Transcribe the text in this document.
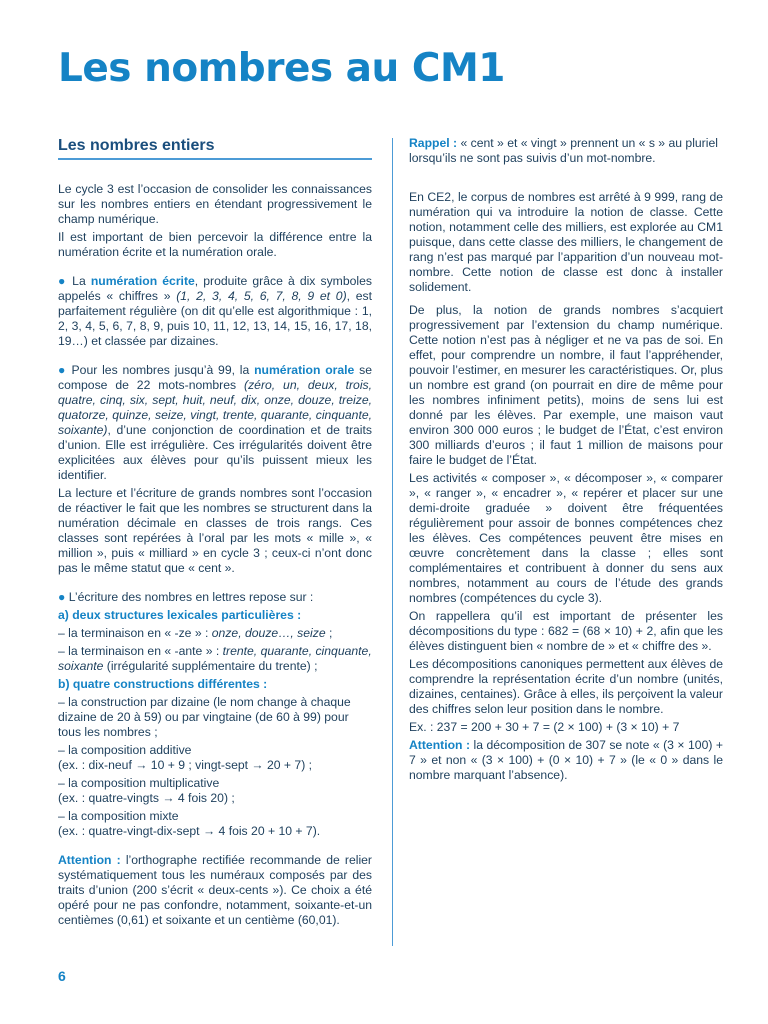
Les nombres au CM1
Les nombres entiers

Le cycle 3 est l’occasion de consolider les connaissances sur les nombres entiers en étendant progressivement le champ numérique.

Il est important de bien percevoir la différence entre la numération écrite et la numération orale.

● La numération écrite, produite grâce à dix symboles appelés « chiffres » (1, 2, 3, 4, 5, 6, 7, 8, 9 et 0), est parfaitement régulière (on dit qu’elle est algorithmique : 1, 2, 3, 4, 5, 6, 7, 8, 9, puis 10, 11, 12, 13, 14, 15, 16, 17, 18, 19…) et classée par dizaines.

● Pour les nombres jusqu’à 99, la numération orale se compose de 22 mots-nombres (zéro, un, deux, trois, quatre, cinq, six, sept, huit, neuf, dix, onze, douze, treize, quatorze, quinze, seize, vingt, trente, quarante, cinquante, soixante), d’une conjonction de coordination et de traits d’union. Elle est irrégulière. Ces irrégularités doivent être explicitées aux élèves pour qu’ils puissent mieux les identifier.

La lecture et l’écriture de grands nombres sont l’occasion de réactiver le fait que les nombres se structurent dans la numération décimale en classes de trois rangs. Ces classes sont repérées à l’oral par les mots « mille », « million », puis « milliard » en cycle 3 ; ceux-ci n’ont donc pas le même statut que « cent ».

● L’écriture des nombres en lettres repose sur :

a) deux structures lexicales particulières :

– la terminaison en « -ze » : onze, douze…, seize ;

– la terminaison en « -ante » : trente, quarante, cinquante, soixante (irrégularité supplémentaire du trente) ;

b) quatre constructions différentes :

– la construction par dizaine (le nom change à chaque dizaine de 20 à 59) ou par vingtaine (de 60 à 99) pour tous les nombres ;

– la composition additive
(ex. : dix-neuf → 10 + 9 ; vingt-sept → 20 + 7) ;

– la composition multiplicative
(ex. : quatre-vingts → 4 fois 20) ;

– la composition mixte
(ex. : quatre-vingt-dix-sept → 4 fois 20 + 10 + 7).

Attention : l’orthographe rectifiée recommande de relier systématiquement tous les numéraux composés par des traits d’union (200 s’écrit « deux-cents »). Ce choix a été opéré pour ne pas confondre, notamment, soixante-et-un centièmes (0,61) et soixante et un centième (60,01).

Rappel : « cent » et « vingt » prennent un « s » au pluriel lorsqu’ils ne sont pas suivis d’un mot-nombre.

En CE2, le corpus de nombres est arrêté à 9 999, rang de numération qui va introduire la notion de classe. Cette notion, notamment celle des milliers, est explorée au CM1 puisque, dans cette classe des milliers, le changement de rang n’est pas marqué par l’apparition d’un nouveau mot-nombre. Cette notion de classe est donc à installer solidement.

De plus, la notion de grands nombres s’acquiert progressivement par l’extension du champ numérique. Cette notion n’est pas à négliger et ne va pas de soi. En effet, pour comprendre un nombre, il faut l’appréhender, pouvoir l’estimer, en mesurer les caractéristiques. Or, plus un nombre est grand (on pourrait en dire de même pour les nombres infiniment petits), moins de sens lui est donné par les élèves. Par exemple, une maison vaut environ 300 000 euros ; le budget de l’État, c’est environ 300 milliards d’euros ; il faut 1 million de maisons pour faire le budget de l’État.

Les activités « composer », « décomposer », « comparer », « ranger », « encadrer », « repérer et placer sur une demi-droite graduée » doivent être fréquentées régulièrement pour assoir de bonnes compétences chez les élèves. Ces compétences peuvent être mises en œuvre concrètement dans la classe ; elles sont complémentaires et contribuent à donner du sens aux nombres, notamment au cours de l’étude des grands nombres (compétences du cycle 3).

On rappellera qu’il est important de présenter les décompositions du type : 682 = (68 × 10) + 2, afin que les élèves distinguent bien « nombre de » et « chiffre des ».

Les décompositions canoniques permettent aux élèves de comprendre la représentation écrite d’un nombre (unités, dizaines, centaines). Grâce à elles, ils perçoivent la valeur des chiffres selon leur position dans le nombre.

Ex. : 237 = 200 + 30 + 7 = (2 × 100) + (3 × 10) + 7

Attention : la décomposition de 307 se note « (3 × 100) + 7 » et non « (3 × 100) + (0 × 10) + 7 » (le « 0 » dans le nombre marquant l’absence).

6
